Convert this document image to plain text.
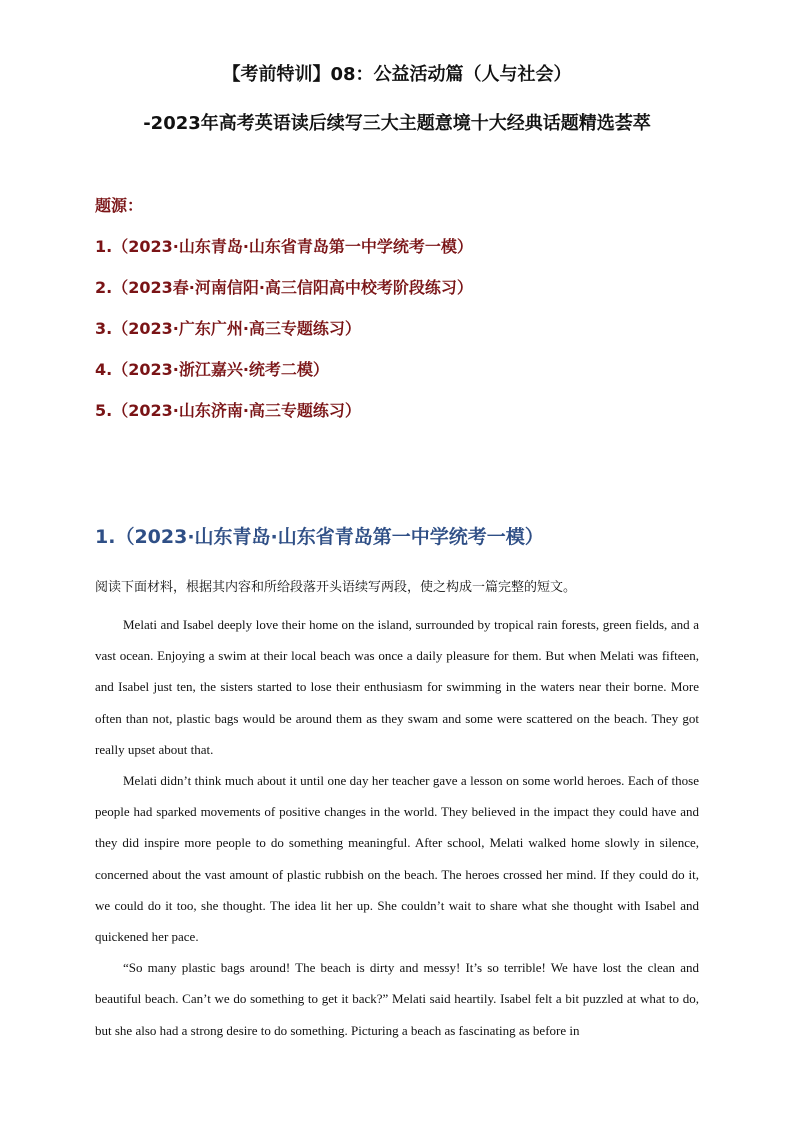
【考前特训】08：公益活动篇（人与社会）
-2023年高考英语读后续写三大主题意境十大经典话题精选荟萃
题源：
1.（2023·山东青岛·山东省青岛第一中学统考一模）
2.（2023春·河南信阳·高三信阳高中校考阶段练习）
3.（2023·广东广州·高三专题练习）
4.（2023·浙江嘉兴·统考二模）
5.（2023·山东济南·高三专题练习）
1.（2023·山东青岛·山东省青岛第一中学统考一模）
阅读下面材料，根据其内容和所给段落开头语续写两段，使之构成一篇完整的短文。

Melati and Isabel deeply love their home on the island, surrounded by tropical rain forests, green fields, and a vast ocean. Enjoying a swim at their local beach was once a daily pleasure for them. But when Melati was fifteen, and Isabel just ten, the sisters started to lose their enthusiasm for swimming in the waters near their borne. More often than not, plastic bags would be around them as they swam and some were scattered on the beach. They got really upset about that.

Melati didn’t think much about it until one day her teacher gave a lesson on some world heroes. Each of those people had sparked movements of positive changes in the world. They believed in the impact they could have and they did inspire more people to do something meaningful. After school, Melati walked home slowly in silence, concerned about the vast amount of plastic rubbish on the beach. The heroes crossed her mind. If they could do it, we could do it too, she thought. The idea lit her up. She couldn’t wait to share what she thought with Isabel and quickened her pace.

“So many plastic bags around! The beach is dirty and messy! It’s so terrible! We have lost the clean and beautiful beach. Can’t we do something to get it back?” Melati said heartily. Isabel felt a bit puzzled at what to do, but she also had a strong desire to do something. Picturing a beach as fascinating as before in
